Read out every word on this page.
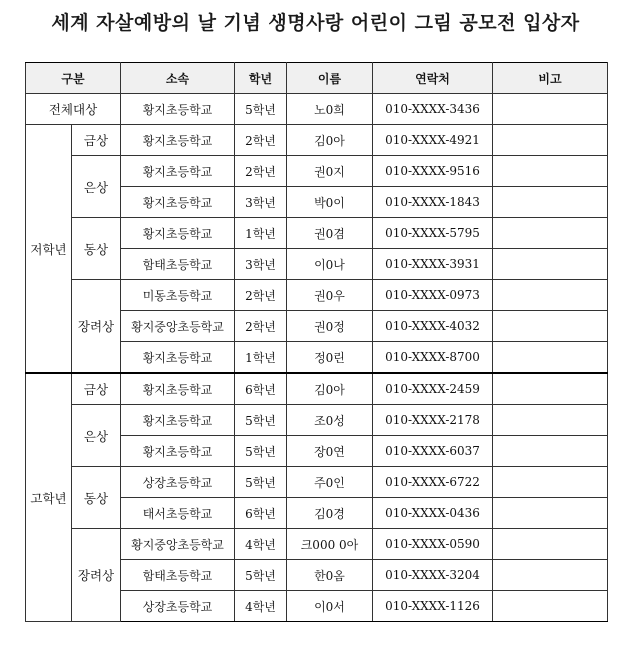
세계 자살예방의 날 기념 생명사랑 어린이 그림 공모전 입상자
구분		소속	학년	이름	연락처	비고
전체대상		황지초등학교	5학년	노0희	010-XXXX-3436	
저학년	금상	황지초등학교	2학년	김0아	010-XXXX-4921	
	은상	황지초등학교	2학년	권0지	010-XXXX-9516	
		황지초등학교	3학년	박0이	010-XXXX-1843	
	동상	황지초등학교	1학년	권0겸	010-XXXX-5795	
		함태초등학교	3학년	이0나	010-XXXX-3931	
	장려상	미동초등학교	2학년	권0우	010-XXXX-0973	
		황지중앙초등학교	2학년	권0정	010-XXXX-4032	
		황지초등학교	1학년	정0린	010-XXXX-8700	
고학년	금상	황지초등학교	6학년	김0아	010-XXXX-2459	
	은상	황지초등학교	5학년	조0성	010-XXXX-2178	
		황지초등학교	5학년	장0연	010-XXXX-6037	
	동상	상장초등학교	5학년	주0인	010-XXXX-6722	
		태서초등학교	6학년	김0경	010-XXXX-0436	
	장려상	황지중앙초등학교	4학년	크000 0아	010-XXXX-0590	
		함태초등학교	5학년	한0옴	010-XXXX-3204	
		상장초등학교	4학년	이0서	010-XXXX-1126	
